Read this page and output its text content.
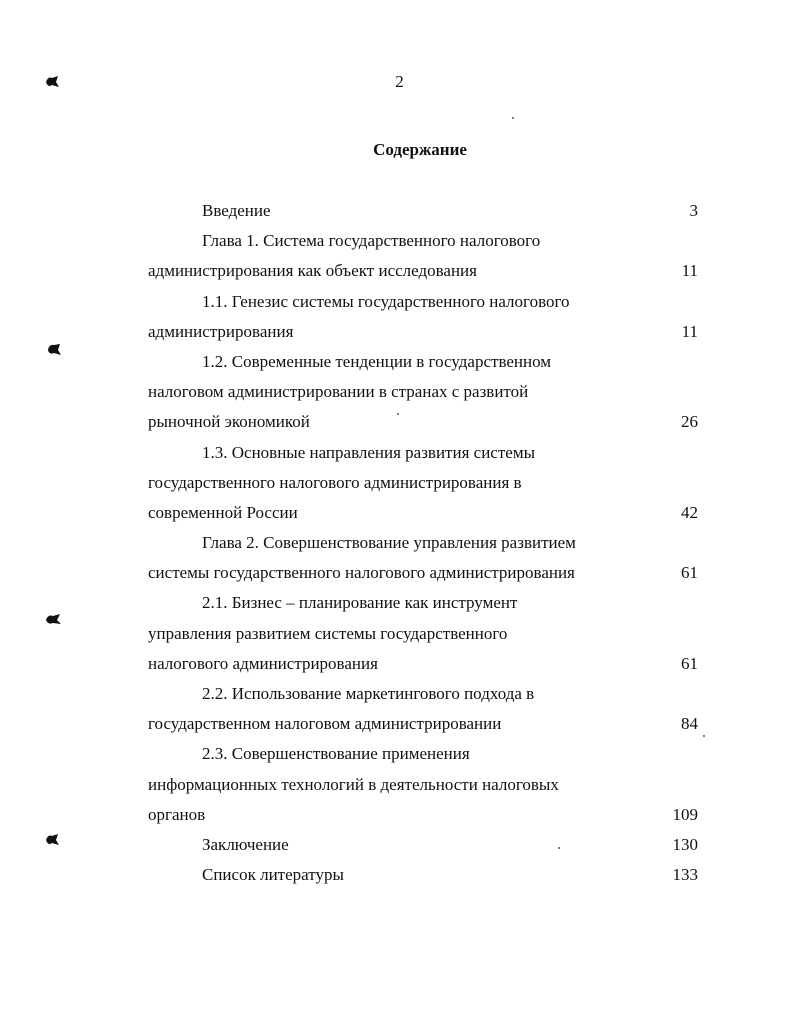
2
Содержание
Введение	3
Глава 1. Система государственного налогового
администрирования как объект исследования	11
1.1. Генезис системы государственного налогового
администрирования	11
1.2. Современные тенденции в государственном
налоговом администрировании в странах с развитой
рыночной экономикой	26
1.3. Основные направления развития системы
государственного налогового администрирования в
современной России	42
Глава 2. Совершенствование управления развитием
системы государственного налогового администрирования	61
2.1. Бизнес – планирование как инструмент
управления развитием системы государственного
налогового администрирования	61
2.2. Использование маркетингового подхода в
государственном налоговом администрировании	84
2.3. Совершенствование применения
информационных технологий в деятельности налоговых
органов	109
Заключение	130
Список литературы	133
